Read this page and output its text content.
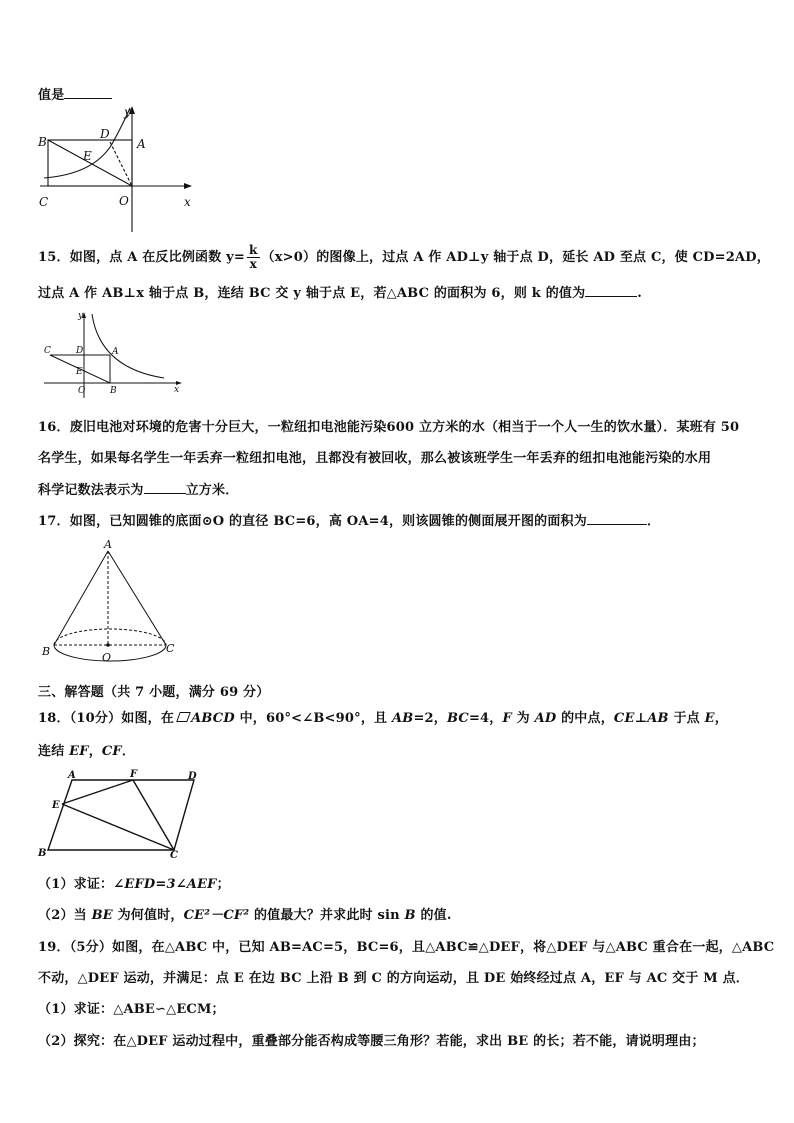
值是
B
D
A
E
C	O	x
y
15．如图，点 A 在反比例函数 $y= \frac{k}{x} (x>0)$的图像上，过点 A 作 AD⊥y 轴于点 D，延长 AD 至点 C，使 CD=2AD，
过点 A 作 AB⊥x 轴于点 B，连结 BC 交 y 轴于点 E，若△ABC 的面积为 6，则 k 的值为	.
C	D	A
E
O	B	x
y
16．废旧电池对环境的危害十分巨大，一粒纽扣电池能污染600 立方米的水（相当于一个人一生的饮水量）．某班有 50
名学生，如果每名学生一年丢弃一粒纽扣电池，且都没有被回收，那么被该班学生一年丢弃的纽扣电池能污染的水用
科学记数法表示为	立方米．
17．如图，已知圆锥的底面⊙O 的直径 BC=6，高 OA=4，则该圆锥的侧面展开图的面积为	．
A
B	O
C
三、解答题（共 7 小题，满分 69 分）
18．（10分）如图，在 ABCD 中，60°<∠B<90°，且 AB=2，BC=4，F 为 AD 的中点，CE⊥AB 于点 E，
连结 EF，CF．
A	F	D
E
B	C
（1）求证：∠EFD=3∠AEF；
（2）当 BE 为何值时，CE²－CF² 的值最大？并求此时 sin B 的值.
19．（5分）如图，在△ABC 中，已知 AB=AC=5，BC=6，且△ABC≌△DEF，将△DEF 与△ABC 重合在一起，△ABC
不动，△DEF 运动，并满足：点 E 在边 BC 上沿 B 到 C 的方向运动，且 DE 始终经过点 A，EF 与 AC 交于 M 点．
（1）求证：△ABE∽△ECM；
（2）探究：在△DEF 运动过程中，重叠部分能否构成等腰三角形？若能，求出 BE 的长；若不能，请说明理由；
